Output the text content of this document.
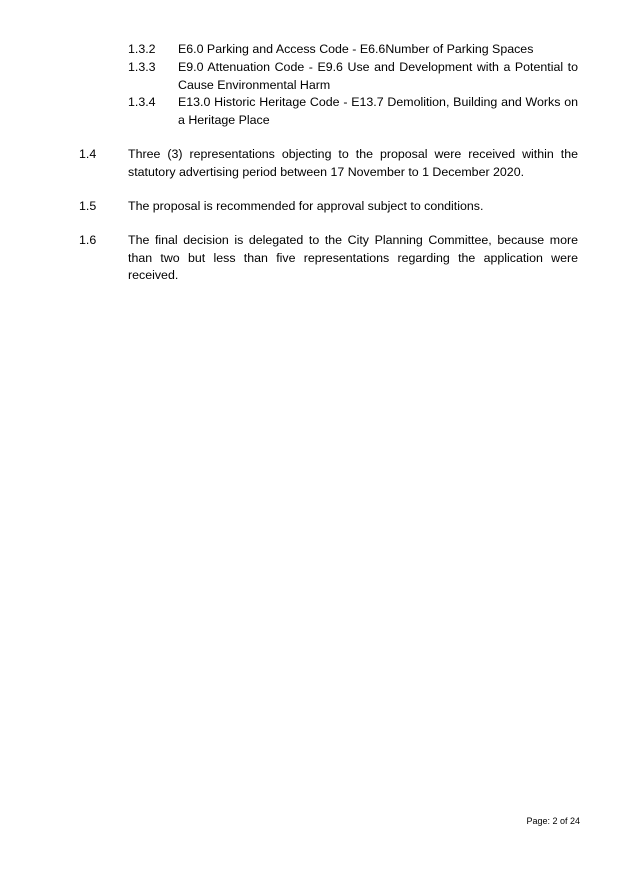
1.3.2	E6.0 Parking and Access Code - E6.6Number of Parking Spaces
1.3.3	E9.0 Attenuation Code - E9.6 Use and Development with a Potential to Cause Environmental Harm
1.3.4	E13.0 Historic Heritage Code - E13.7 Demolition, Building and Works on a Heritage Place
1.4	Three (3) representations objecting to the proposal were received within the statutory advertising period between 17 November to 1 December 2020.
1.5	The proposal is recommended for approval subject to conditions.
1.6	The final decision is delegated to the City Planning Committee, because more than two but less than five representations regarding the application were received.
Page: 2 of 24
